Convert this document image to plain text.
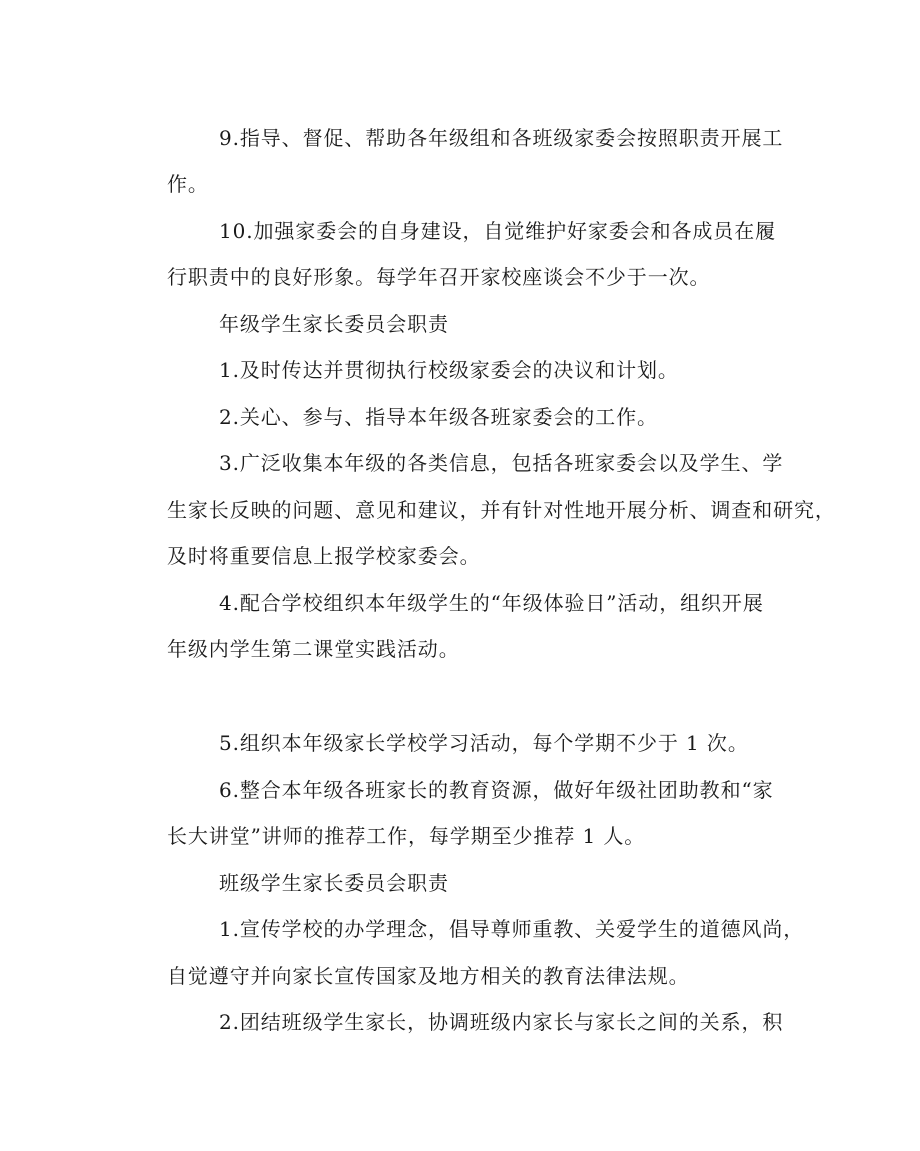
9.指导、督促、帮助各年级组和各班级家委会按照职责开展工
作。
10.加强家委会的自身建设，自觉维护好家委会和各成员在履
行职责中的良好形象。每学年召开家校座谈会不少于一次。
年级学生家长委员会职责
1.及时传达并贯彻执行校级家委会的决议和计划。
2.关心、参与、指导本年级各班家委会的工作。
3.广泛收集本年级的各类信息，包括各班家委会以及学生、学
生家长反映的问题、意见和建议，并有针对性地开展分析、调查和研究，
及时将重要信息上报学校家委会。
4.配合学校组织本年级学生的“年级体验日”活动，组织开展
年级内学生第二课堂实践活动。
5.组织本年级家长学校学习活动，每个学期不少于 1 次。
6.整合本年级各班家长的教育资源，做好年级社团助教和“家
长大讲堂”讲师的推荐工作，每学期至少推荐 1 人。
班级学生家长委员会职责
1.宣传学校的办学理念，倡导尊师重教、关爱学生的道德风尚，
自觉遵守并向家长宣传国家及地方相关的教育法律法规。
2.团结班级学生家长，协调班级内家长与家长之间的关系，积
